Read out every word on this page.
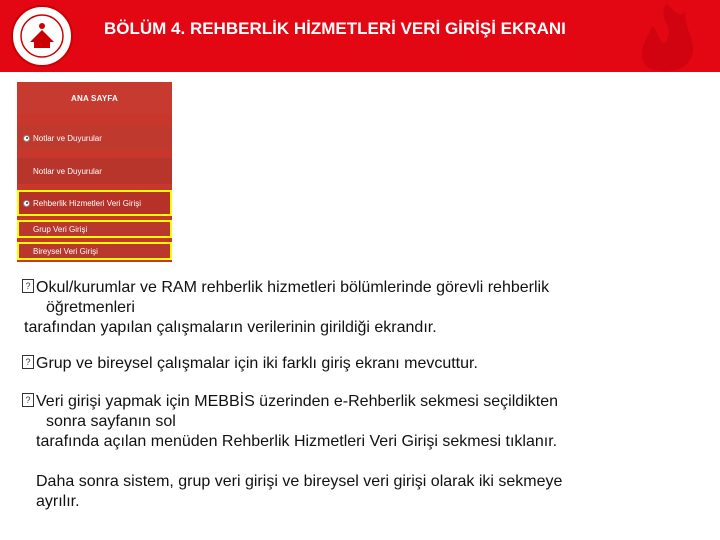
BÖLÜM 4. REHBERLİK HİZMETLERİ VERİ GİRİŞİ EKRANI
ANA SAYFA
Notlar ve Duyurular
Notlar ve Duyurular
Rehberlik Hizmetleri Veri Girişi
Grup Veri Girişi
Bireysel Veri Girişi

? Okul/kurumlar ve RAM rehberlik hizmetleri bölümlerinde görevli rehberlik
öğretmenleri
tarafından yapılan çalışmaların verilerinin girildiği ekrandır.

? Grup ve bireysel çalışmalar için iki farklı giriş ekranı mevcuttur.

? Veri girişi yapmak için MEBBİS üzerinden e-Rehberlik sekmesi seçildikten
sonra sayfanın sol
tarafında açılan menüden Rehberlik Hizmetleri Veri Girişi sekmesi tıklanır.

Daha sonra sistem, grup veri girişi ve bireysel veri girişi olarak iki sekmeye
ayrılır.
